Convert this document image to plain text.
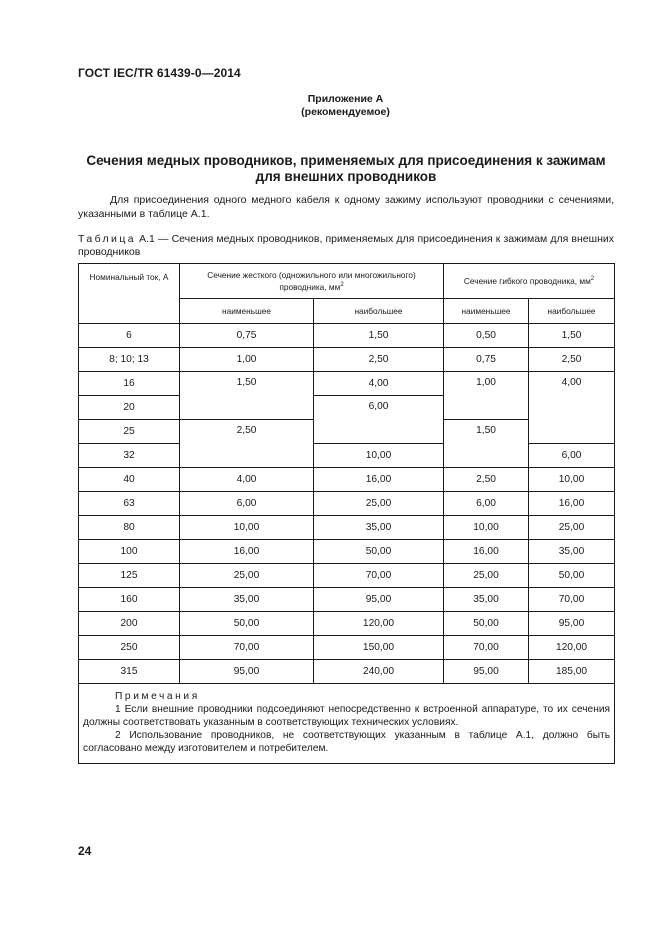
ГОСТ IEC/TR 61439-0—2014
Приложение А
(рекомендуемое)
Сечения медных проводников, применяемых для присоединения к зажимам
для внешних проводников
Для присоединения одного медного кабеля к одному зажиму используют проводники с сечениями, указанными в таблице А.1.
Таблица А.1 — Сечения медных проводников, применяемых для присоединения к зажимам для внешних проводников
Номинальный ток, А	Сечение жесткого (одножильного или многожильного) проводника, $мм^2$		Сечение гибкого проводника, $мм^2$
	наименьшее	наибольшее	наименьшее	наибольшее
6	0,75	1,50	0,50	1,50
8; 10; 13	1,00	2,50	0,75	2,50
16	1,50	4,00	1,00	4,00
20		6,00		
25	2,50		1,50	
32		10,00		6,00
40	4,00	16,00	2,50	10,00
63	6,00	25,00	6,00	16,00
80	10,00	35,00	10,00	25,00
100	16,00	50,00	16,00	35,00
125	25,00	70,00	25,00	50,00
160	35,00	95,00	35,00	70,00
200	50,00	120,00	50,00	95,00
250	70,00	150,00	70,00	120,00
315	95,00	240,00	95,00	185,00

Примечания
1 Если внешние проводники подсоединяют непосредственно к встроенной аппаратуре, то их сечения должны соответствовать указанным в соответствующих технических условиях.
2 Использование проводников, не соответствующих указанным в таблице А.1, должно быть согласовано между изготовителем и потребителем.				
24
